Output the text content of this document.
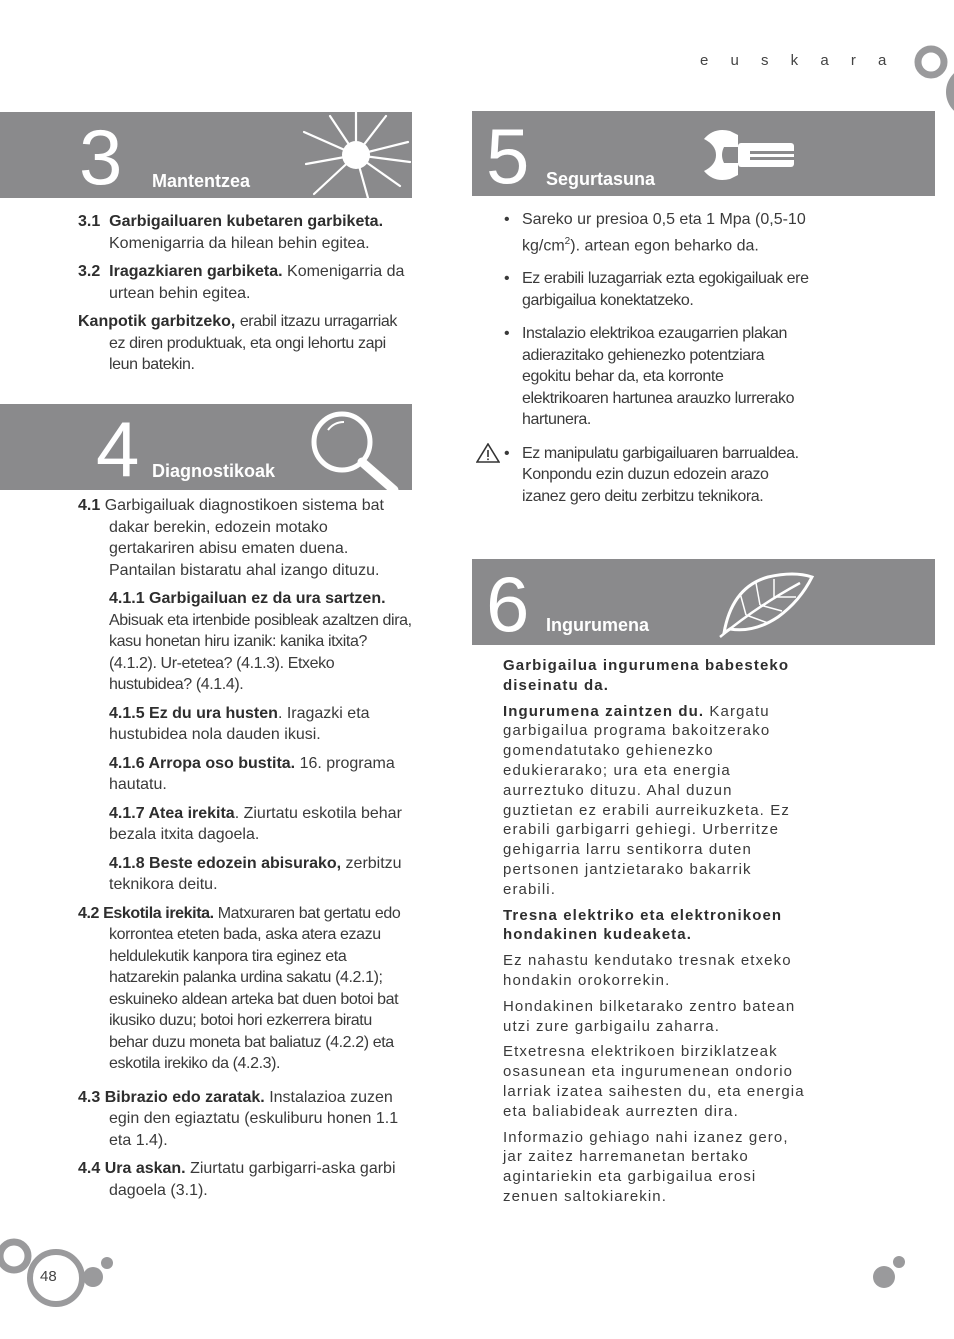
e u s k a r a
3 Mantentzea	5 Segurtasuna
4 Diagnostikoak
6 Ingurumena

3.1 Garbigailuaren kubetaren garbiketa. Komenigarria da hilean behin egitea.

3.2 Iragazkiaren garbiketa. Komenigarria da urtean behin egitea.

Kanpotik garbitzeko, erabil itzazu urragarriak ez diren produktuak, eta ongi lehortu zapi leun batekin.

4.1 Garbigailuak diagnostikoen sistema bat dakar berekin, edozein motako gertakariren abisu ematen duena. Pantailan bistaratu ahal izango dituzu.

4.1.1 Garbigailuan ez da ura sartzen. Abisuak eta irtenbide posibleak azaltzen dira, kasu honetan hiru izanik: kanika itxita? (4.1.2). Ur-etetea? (4.1.3). Etxeko hustubidea? (4.1.4).

4.1.5 Ez du ura husten. Iragazki eta hustubidea nola dauden ikusi.

4.1.6 Arropa oso bustita. 16. programa hautatu.

4.1.7 Atea irekita. Ziurtatu eskotila behar bezala itxita dagoela.

4.1.8 Beste edozein abisurako, zerbitzu teknikora deitu.

4.2 Eskotila irekita. Matxuraren bat gertatu edo korrontea eteten bada, aska atera ezazu heldulekutik kanpora tira eginez eta hatzarekin palanka urdina sakatu (4.2.1); eskuineko aldean arteka bat duen botoi bat ikusiko duzu; botoi hori ezkerrera biratu behar duzu moneta bat baliatuz (4.2.2) eta eskotila irekiko da (4.2.3).

4.3 Bibrazio edo zaratak. Instalazioa zuzen egin den egiaztatu (eskuliburu honen 1.1 eta 1.4).

4.4 Ura askan. Ziurtatu garbigarri-aska garbi dagoela (3.1).

• Sareko ur presioa 0,5 eta 1 Mpa (0,5-10 $kg/cm^2$). artean egon beharko da.
• Ez erabili luzagarriak ezta egokigailuak ere garbigailua konektatzeko.
• Instalazio elektrikoa ezaugarrien plakan adierazitako gehienezko potentziara egokitu behar da, eta korronte elektrikoaren hartunea arauzko lurrerako hartunera.
• Ez manipulatu garbigailuaren barrualdea. Konpondu ezin duzun edozein arazo izanez gero deitu zerbitzu teknikora.

Garbigailua ingurumena babesteko diseinatu da.

Ingurumena zaintzen du. Kargatu garbigailua programa bakoitzerako gomendatutako gehienezko edukierarako; ura eta energia aurreztuko dituzu. Ahal duzun guztietan ez erabili aurreikuzketa. Ez erabili garbigarri gehiegi. Urberritze gehigarria larru sentikorra duten pertsonen jantzietarako bakarrik erabili.

Tresna elektriko eta elektronikoen hondakinen kudeaketa.

Ez nahastu kendutako tresnak etxeko hondakin orokorrekin.

Hondakinen bilketarako zentro batean utzi zure garbigailu zaharra.

Etxetresna elektrikoen birziklatzeak osasunean eta ingurumenean ondorio larriak izatea saihesten du, eta energia eta baliabideak aurrezten dira.

Informazio gehiago nahi izanez gero, jar zaitez harremanetan bertako agintariekin eta garbigailua erosi zenuen saltokiarekin.

48
